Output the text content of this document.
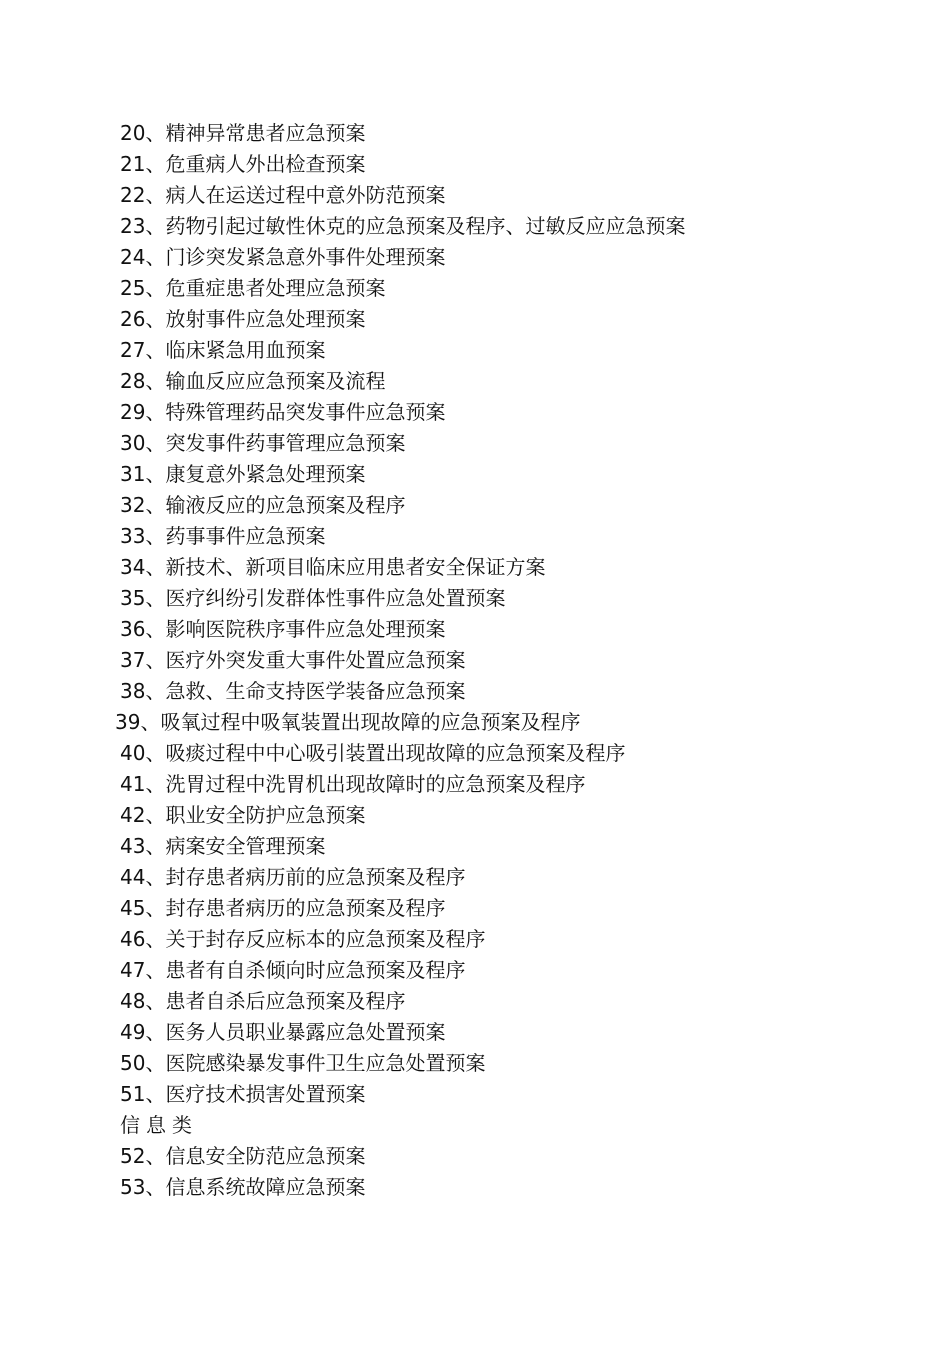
20、精神异常患者应急预案
21、危重病人外出检查预案
22、病人在运送过程中意外防范预案
23、药物引起过敏性休克的应急预案及程序、过敏反应应急预案
24、门诊突发紧急意外事件处理预案
25、危重症患者处理应急预案
26、放射事件应急处理预案
27、临床紧急用血预案
28、输血反应应急预案及流程
29、特殊管理药品突发事件应急预案
30、突发事件药事管理应急预案
31、康复意外紧急处理预案
32、输液反应的应急预案及程序
33、药事事件应急预案
34、新技术、新项目临床应用患者安全保证方案
35、医疗纠纷引发群体性事件应急处置预案
36、影响医院秩序事件应急处理预案
37、医疗外突发重大事件处置应急预案
38、急救、生命支持医学装备应急预案
39、吸氧过程中吸氧装置出现故障的应急预案及程序
40、吸痰过程中中心吸引装置出现故障的应急预案及程序
41、洗胃过程中洗胃机出现故障时的应急预案及程序
42、职业安全防护应急预案
43、病案安全管理预案
44、封存患者病历前的应急预案及程序
45、封存患者病历的应急预案及程序
46、关于封存反应标本的应急预案及程序
47、患者有自杀倾向时应急预案及程序
48、患者自杀后应急预案及程序
49、医务人员职业暴露应急处置预案
50、医院感染暴发事件卫生应急处置预案
51、医疗技术损害处置预案
信息类
52、信息安全防范应急预案
53、信息系统故障应急预案
